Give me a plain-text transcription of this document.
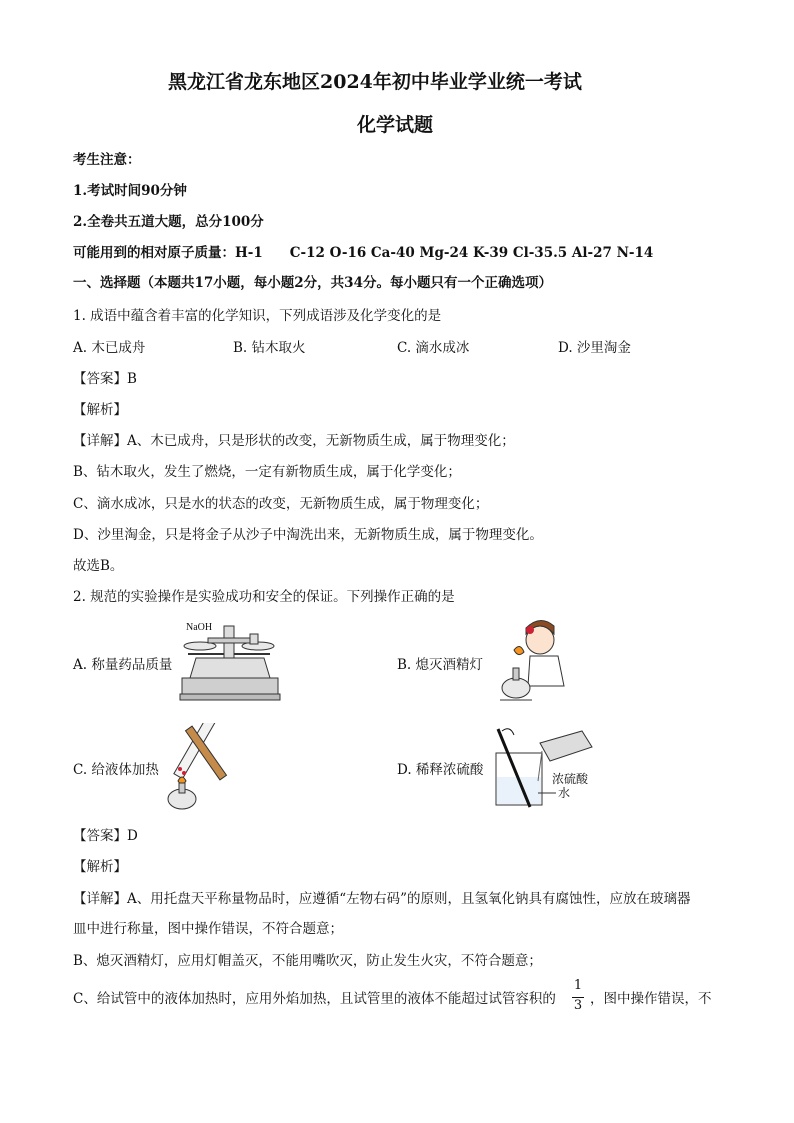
黑龙江省龙东地区2024年初中毕业学业统一考试
化学试题
考生注意：
1.考试时间90分钟
2.全卷共五道大题，总分100分
可能用到的相对原子质量：H-1　　C-12 O-16 Ca-40 Mg-24 K-39 Cl-35.5 Al-27 N-14
一、选择题（本题共17小题，每小题2分，共34分。每小题只有一个正确选项）
1. 成语中蕴含着丰富的化学知识，下列成语涉及化学变化的是
A. 木已成舟	B. 钻木取火	C. 滴水成冰	D. 沙里淘金
【答案】B
【解析】
【详解】A、木已成舟，只是形状的改变，无新物质生成，属于物理变化；
B、钻木取火，发生了燃烧，一定有新物质生成，属于化学变化；
C、滴水成冰，只是水的状态的改变，无新物质生成，属于物理变化；
D、沙里淘金，只是将金子从沙子中淘洗出来，无新物质生成，属于物理变化。
故选B。
2. 规范的实验操作是实验成功和安全的保证。下列操作正确的是
A. 称量药品质量
NaOH
B. 熄灭酒精灯
C. 给液体加热	D. 稀释浓硫酸
浓硫酸
水
【答案】D
【解析】
【详解】A、用托盘天平称量物品时，应遵循“左物右码”的原则，且氢氧化钠具有腐蚀性，应放在玻璃器
皿中进行称量，图中操作错误，不符合题意；
B、熄灭酒精灯，应用灯帽盖灭，不能用嘴吹灭，防止发生火灾，不符合题意；
C、给试管中的液体加热时，应用外焰加热，且试管里的液体不能超过试管容积的
1
3 ，图中操作错误，不
